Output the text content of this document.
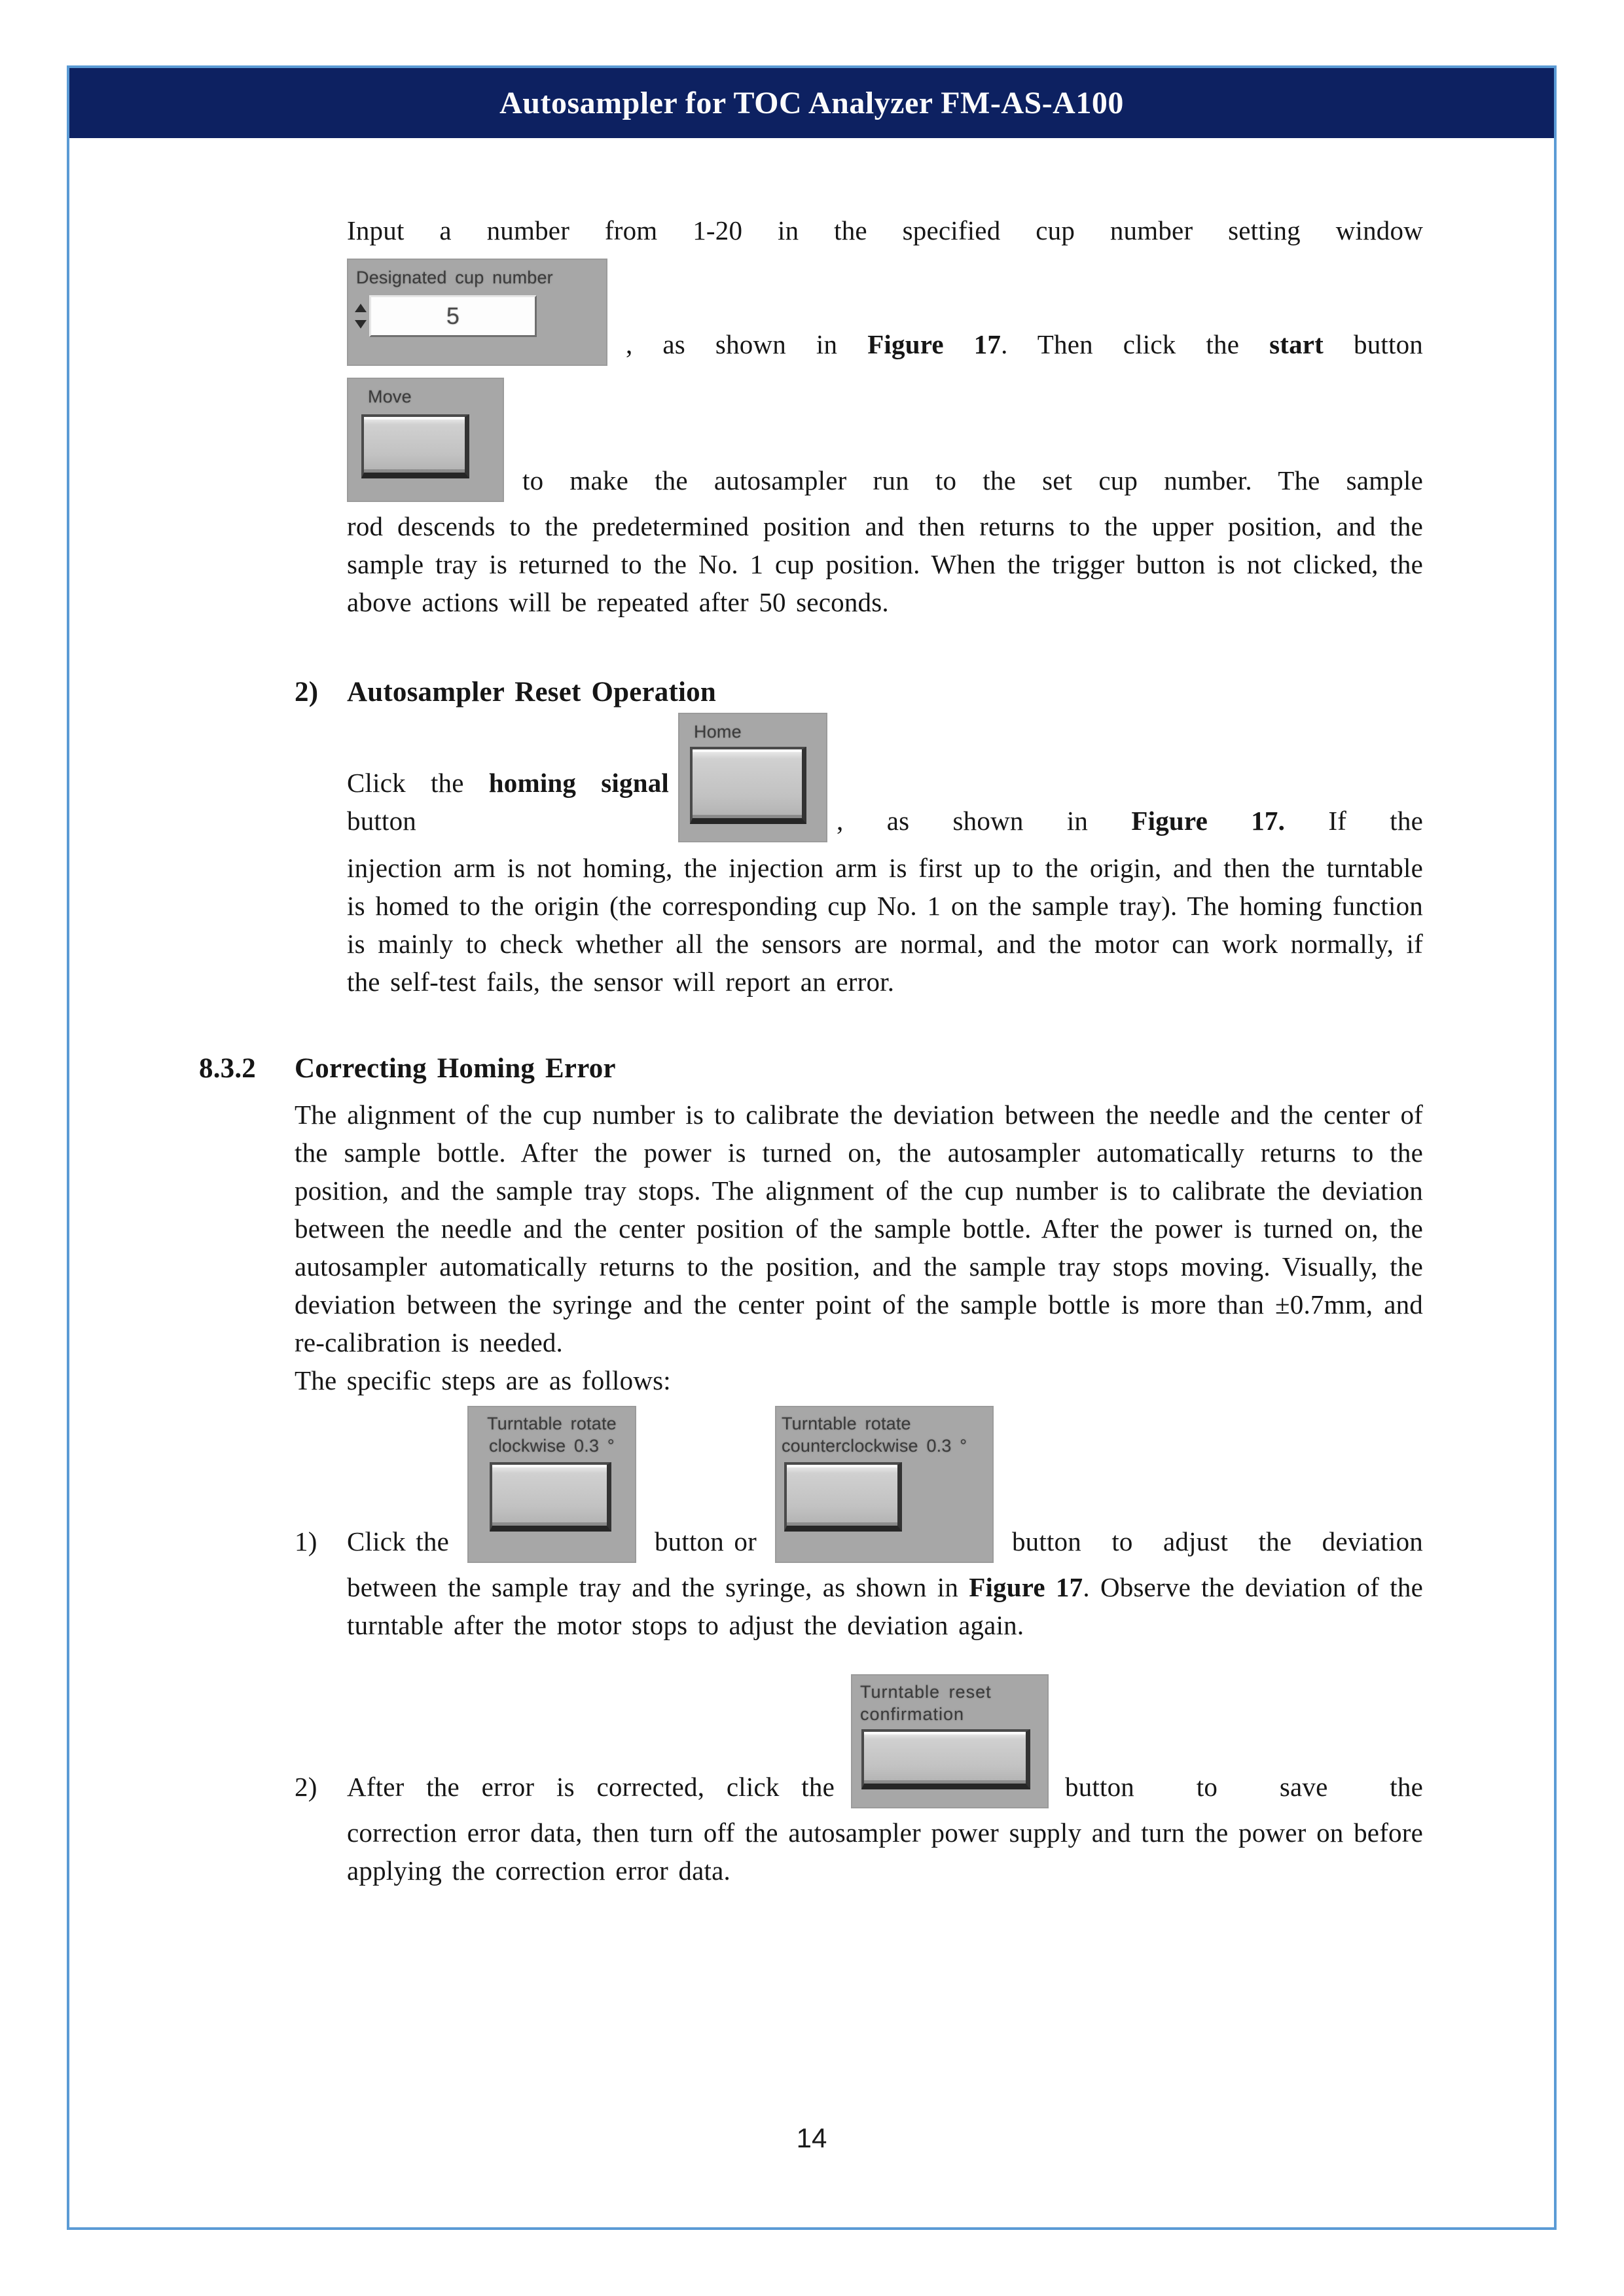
Autosampler for TOC Analyzer FM-AS-A100
Input a number from 1-20 in the specified cup number setting window
Designated cup number
5
, as shown in Figure 17. Then click the start button
Move
to make the autosampler run to the set cup number. The sample
rod descends to the predetermined position and then returns to the upper position, and the sample tray is returned to the No. 1 cup position. When the trigger button is not clicked, the above actions will be repeated after 50 seconds.
2)	Autosampler Reset Operation
Click the homing signal button
Home
, as shown in Figure 17. If the
injection arm is not homing, the injection arm is first up to the origin, and then the turntable is homed to the origin (the corresponding cup No. 1 on the sample tray). The homing function is mainly to check whether all the sensors are normal, and the motor can work normally, if the self-test fails, the sensor will report an error.
8.3.2	Correcting Homing Error
The alignment of the cup number is to calibrate the deviation between the needle and the center of the sample bottle. After the power is turned on, the autosampler automatically returns to the position, and the sample tray stops. The alignment of the cup number is to calibrate the deviation between the needle and the center position of the sample bottle. After the power is turned on, the autosampler automatically returns to the position, and the sample tray stops moving. Visually, the deviation between the syringe and the center point of the sample bottle is more than ±0.7mm, and re-calibration is needed.
The specific steps are as follows:
1)	Click the
Turntable rotate
clockwise 0.3 °
button or
Turntable rotate
counterclockwise 0.3 °
button to adjust the deviation
between the sample tray and the syringe, as shown in Figure 17. Observe the deviation of the turntable after the motor stops to adjust the deviation again.
2)	After the error is corrected, click the
Turntable reset
confirmation
button to save the
correction error data, then turn off the autosampler power supply and turn the power on before applying the correction error data.
14
